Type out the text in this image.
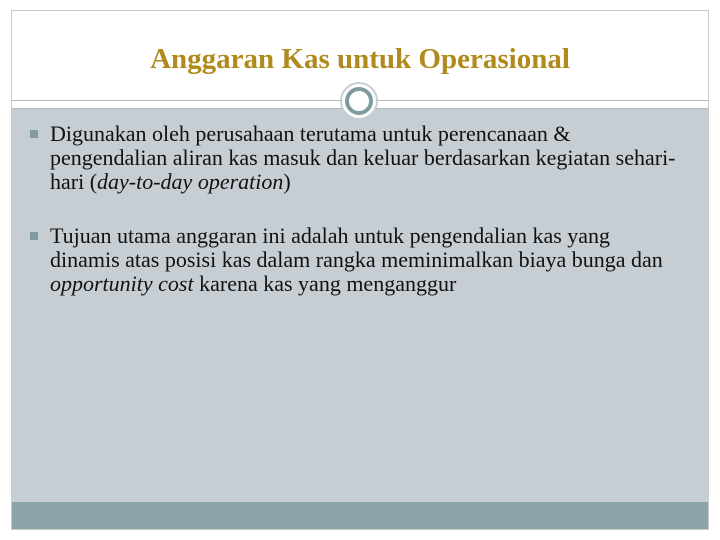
Anggaran Kas untuk Operasional
Digunakan oleh perusahaan terutama untuk perencanaan & pengendalian aliran kas masuk dan keluar berdasarkan kegiatan sehari-hari (day-to-day operation)
Tujuan utama anggaran ini adalah untuk pengendalian kas yang dinamis atas posisi kas dalam rangka meminimalkan biaya bunga dan opportunity cost karena kas yang menganggur
